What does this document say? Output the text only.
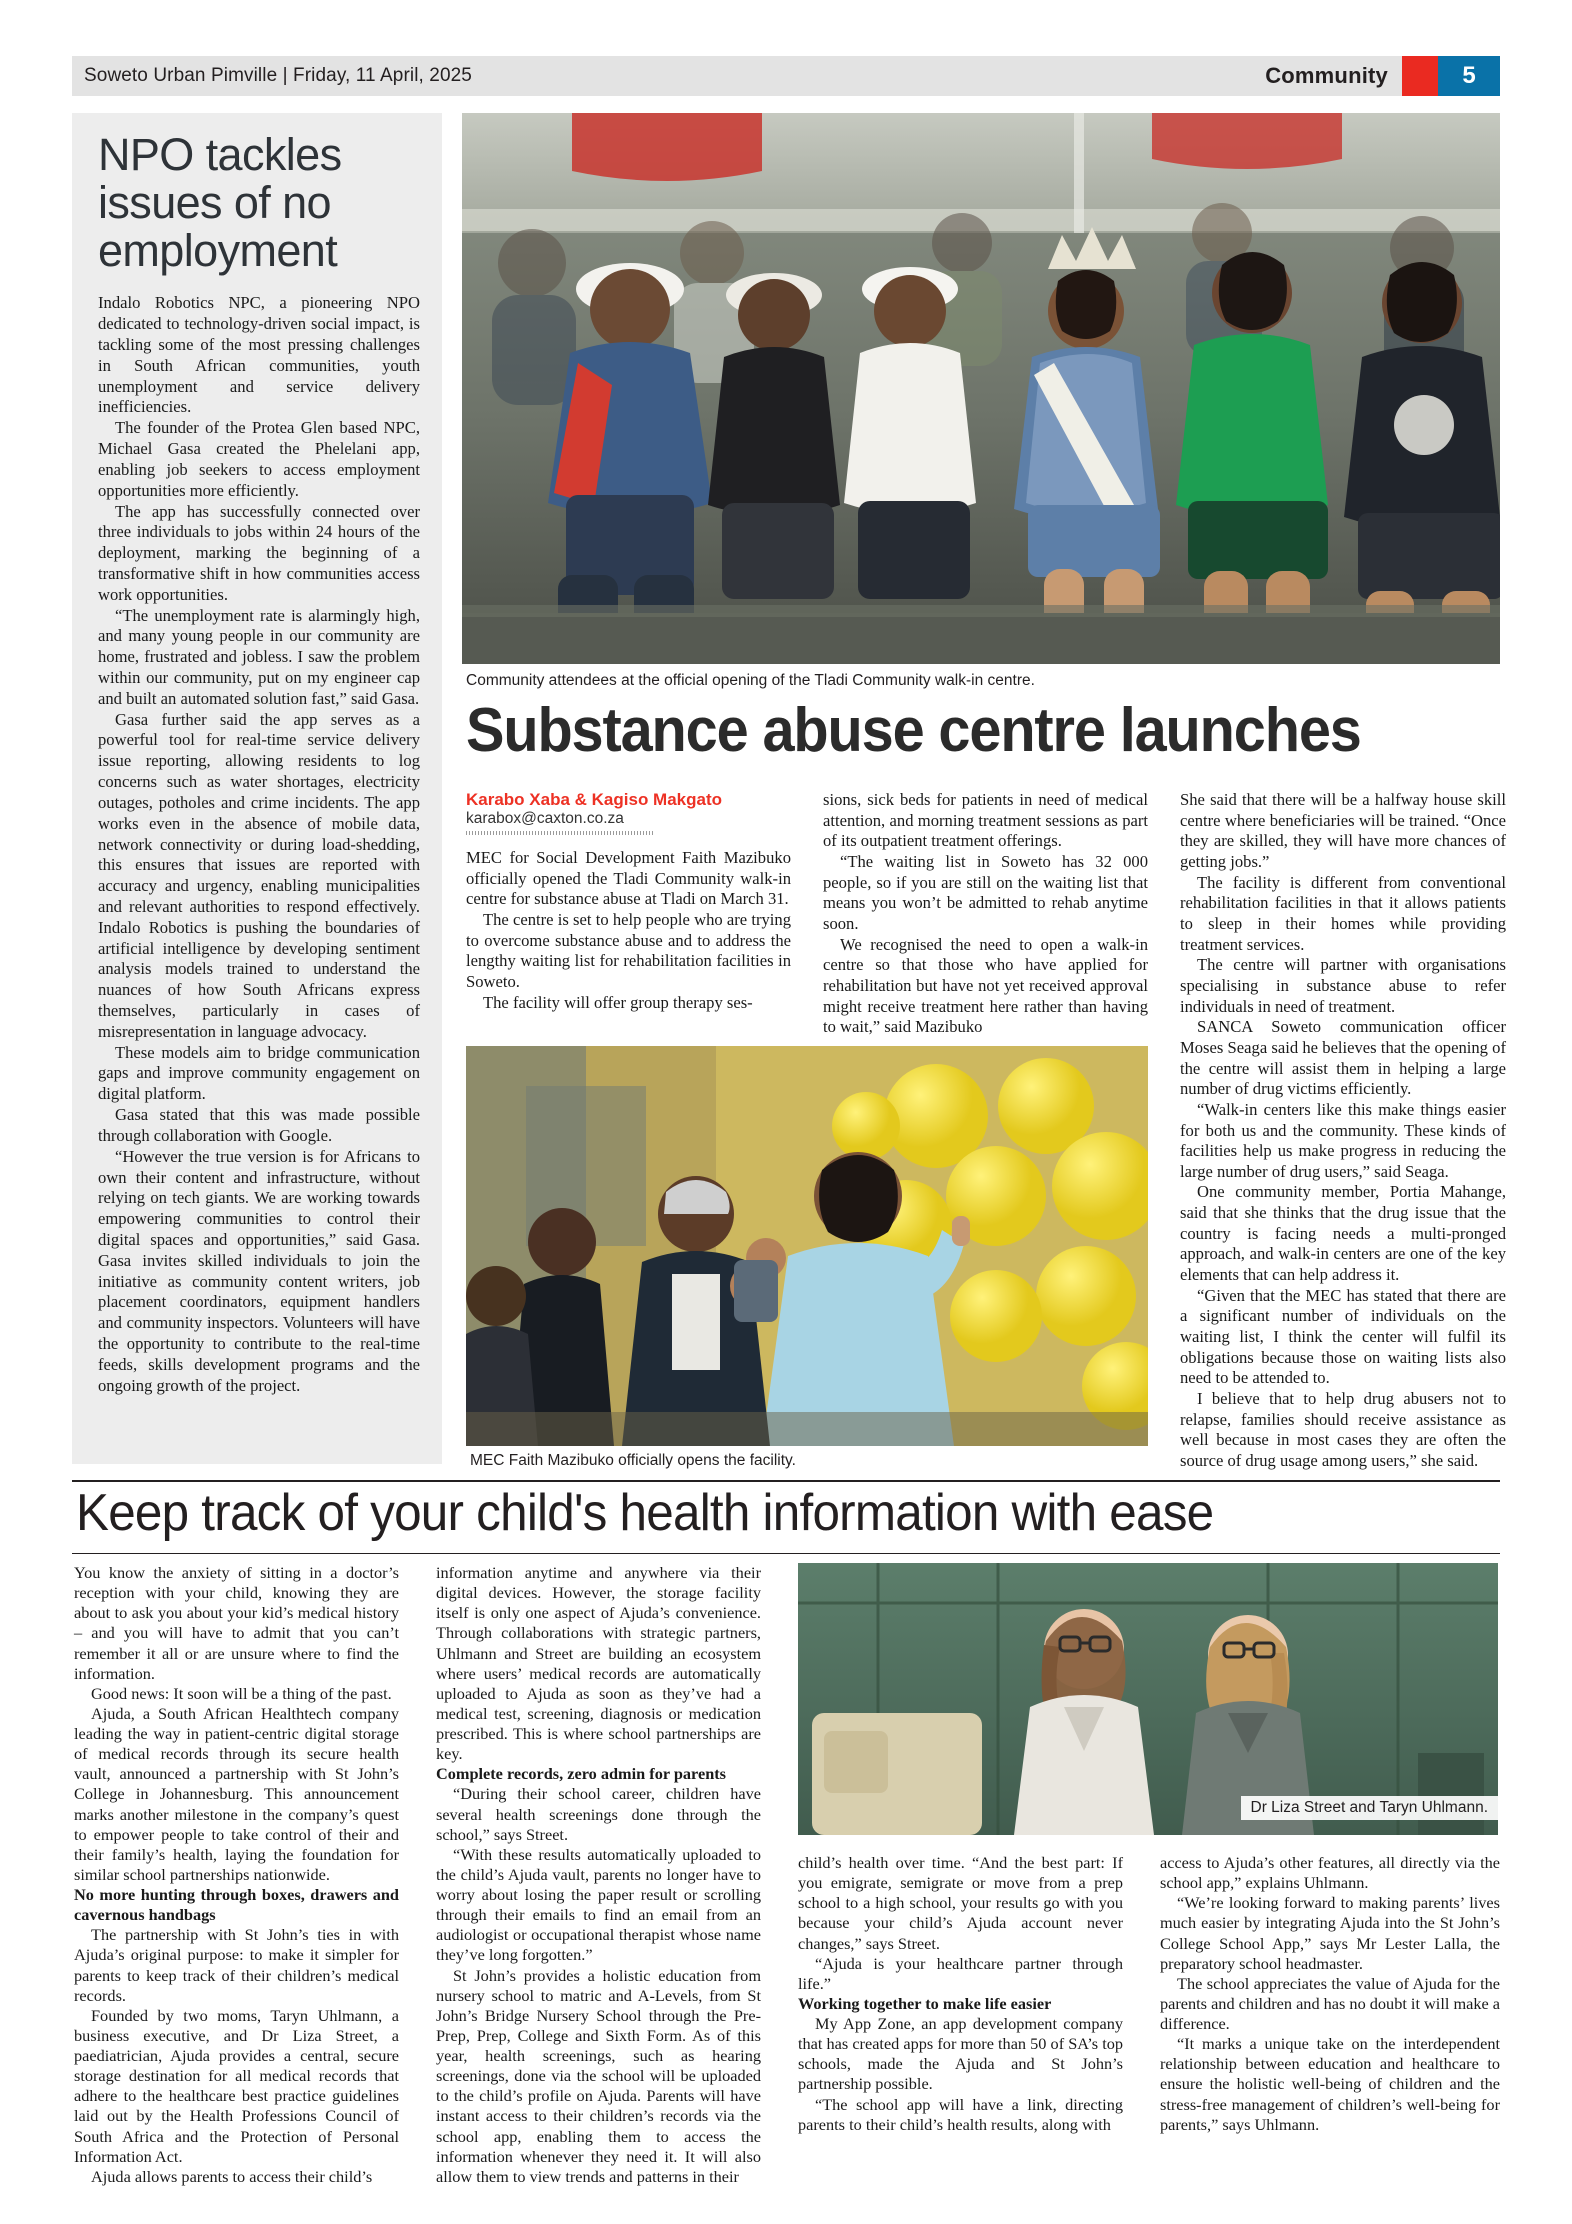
Soweto Urban Pimville | Friday, 11 April, 2025	Community	5
NPO tackles issues of no employment

Indalo Robotics NPC, a pioneering NPO dedicated to technology-driven social impact, is tackling some of the most pressing challenges in South African communities, youth unemployment and service delivery inefficiencies.

The founder of the Protea Glen based NPC, Michael Gasa created the Phelelani app, enabling job seekers to access employment opportunities more efficiently.

The app has successfully connected over three individuals to jobs within 24 hours of the deployment, marking the beginning of a transformative shift in how communities access work opportunities.

“The unemployment rate is alarmingly high, and many young people in our community are home, frustrated and jobless. I saw the problem within our community, put on my engineer cap and built an automated solution fast,” said Gasa.

Gasa further said the app serves as a powerful tool for real-time service delivery issue reporting, allowing residents to log concerns such as water shortages, electricity outages, potholes and crime incidents. The app works even in the absence of mobile data, network connectivity or during load-shedding, this ensures that issues are reported with accuracy and urgency, enabling municipalities and relevant authorities to respond effectively. Indalo Robotics is pushing the boundaries of artificial intelligence by developing sentiment analysis models trained to understand the nuances of how South Africans express themselves, particularly in cases of misrepresentation in language advocacy.

These models aim to bridge communication gaps and improve community engagement on digital platform.

Gasa stated that this was made possible through collaboration with Google.

“However the true version is for Africans to own their content and infrastructure, without relying on tech giants. We are working towards empowering communities to control their digital spaces and opportunities,” said Gasa. Gasa invites skilled individuals to join the initiative as community content writers, job placement coordinators, equipment handlers and community inspectors. Volunteers will have the opportunity to contribute to the real-time feeds, skills development programs and the ongoing growth of the project.

Community attendees at the official opening of the Tladi Community walk-in centre.
Substance abuse centre launches
Karabo Xaba & Kagiso Makgato
karabox@caxton.co.za

MEC for Social Development Faith Mazibuko officially opened the Tladi Community walk-in centre for substance abuse at Tladi on March 31.

The centre is set to help people who are trying to overcome substance abuse and to address the lengthy waiting list for rehabilitation facilities in Soweto.

The facility will offer group therapy ses-

sions, sick beds for patients in need of medical attention, and morning treatment sessions as part of its outpatient treatment offerings.

“The waiting list in Soweto has 32 000 people, so if you are still on the waiting list that means you won’t be admitted to rehab anytime soon.

We recognised the need to open a walk-in centre so that those who have applied for rehabilitation but have not yet received approval might receive treatment here rather than having to wait,” said Mazibuko

She said that there will be a halfway house skill centre where beneficiaries will be trained. “Once they are skilled, they will have more chances of getting jobs.”

The facility is different from conventional rehabilitation facilities in that it allows patients to sleep in their homes while providing treatment services.

The centre will partner with organisations specialising in substance abuse to refer individuals in need of treatment.

SANCA Soweto communication officer Moses Seaga said he believes that the opening of the centre will assist them in helping a large number of drug victims efficiently.

“Walk-in centers like this make things easier for both us and the community. These kinds of facilities help us make progress in reducing the large number of drug users,” said Seaga.

One community member, Portia Mahange, said that she thinks that the drug issue that the country is facing needs a multi-pronged approach, and walk-in centers are one of the key elements that can help address it.

“Given that the MEC has stated that there are a significant number of individuals on the waiting list, I think the center will fulfil its obligations because those on waiting lists also need to be attended to.

I believe that to help drug abusers not to relapse, families should receive assistance as well because in most cases they are often the source of drug usage among users,” she said.

MEC Faith Mazibuko officially opens the facility.
Keep track of your child's health information with ease

You know the anxiety of sitting in a doctor’s reception with your child, knowing they are about to ask you about your kid’s medical history – and you will have to admit that you can’t remember it all or are unsure where to find the information.

Good news: It soon will be a thing of the past.

Ajuda, a South African Healthtech company leading the way in patient-centric digital storage of medical records through its secure health vault, announced a partnership with St John’s College in Johannesburg. This announcement marks another milestone in the company’s quest to empower people to take control of their and their family’s health, laying the foundation for similar school partnerships nationwide.

No more hunting through boxes, drawers and cavernous handbags

The partnership with St John’s ties in with Ajuda’s original purpose: to make it simpler for parents to keep track of their children’s medical records.

Founded by two moms, Taryn Uhlmann, a business executive, and Dr Liza Street, a paediatrician, Ajuda provides a central, secure storage destination for all medical records that adhere to the healthcare best practice guidelines laid out by the Health Professions Council of South Africa and the Protection of Personal Information Act.

Ajuda allows parents to access their child’s

information anytime and anywhere via their digital devices. However, the storage facility itself is only one aspect of Ajuda’s convenience. Through collaborations with strategic partners, Uhlmann and Street are building an ecosystem where users’ medical records are automatically uploaded to Ajuda as soon as they’ve had a medical test, screening, diagnosis or medication prescribed. This is where school partnerships are key.

Complete records, zero admin for parents

“During their school career, children have several health screenings done through the school,” says Street.

“With these results automatically uploaded to the child’s Ajuda vault, parents no longer have to worry about losing the paper result or scrolling through their emails to find an email from an audiologist or occupational therapist whose name they’ve long forgotten.”

St John’s provides a holistic education from nursery school to matric and A-Levels, from St John’s Bridge Nursery School through the Pre-Prep, Prep, College and Sixth Form. As of this year, health screenings, such as hearing screenings, done via the school will be uploaded to the child’s profile on Ajuda. Parents will have instant access to their children’s records via the school app, enabling them to access the information whenever they need it. It will also allow them to view trends and patterns in their

child’s health over time. “And the best part: If you emigrate, semigrate or move from a prep school to a high school, your results go with you because your child’s Ajuda account never changes,” says Street.

“Ajuda is your healthcare partner through life.”

Working together to make life easier

My App Zone, an app development company that has created apps for more than 50 of SA’s top schools, made the Ajuda and St John’s partnership possible.

“The school app will have a link, directing parents to their child’s health results, along with

access to Ajuda’s other features, all directly via the school app,” explains Uhlmann.

“We’re looking forward to making parents’ lives much easier by integrating Ajuda into the St John’s College School App,” says Mr Lester Lalla, the preparatory school headmaster.

The school appreciates the value of Ajuda for the parents and children and has no doubt it will make a difference.

“It marks a unique take on the interdependent relationship between education and healthcare to ensure the holistic well-being of children and the stress-free management of children’s well-being for parents,” says Uhlmann.

Dr Liza Street and Taryn Uhlmann.
